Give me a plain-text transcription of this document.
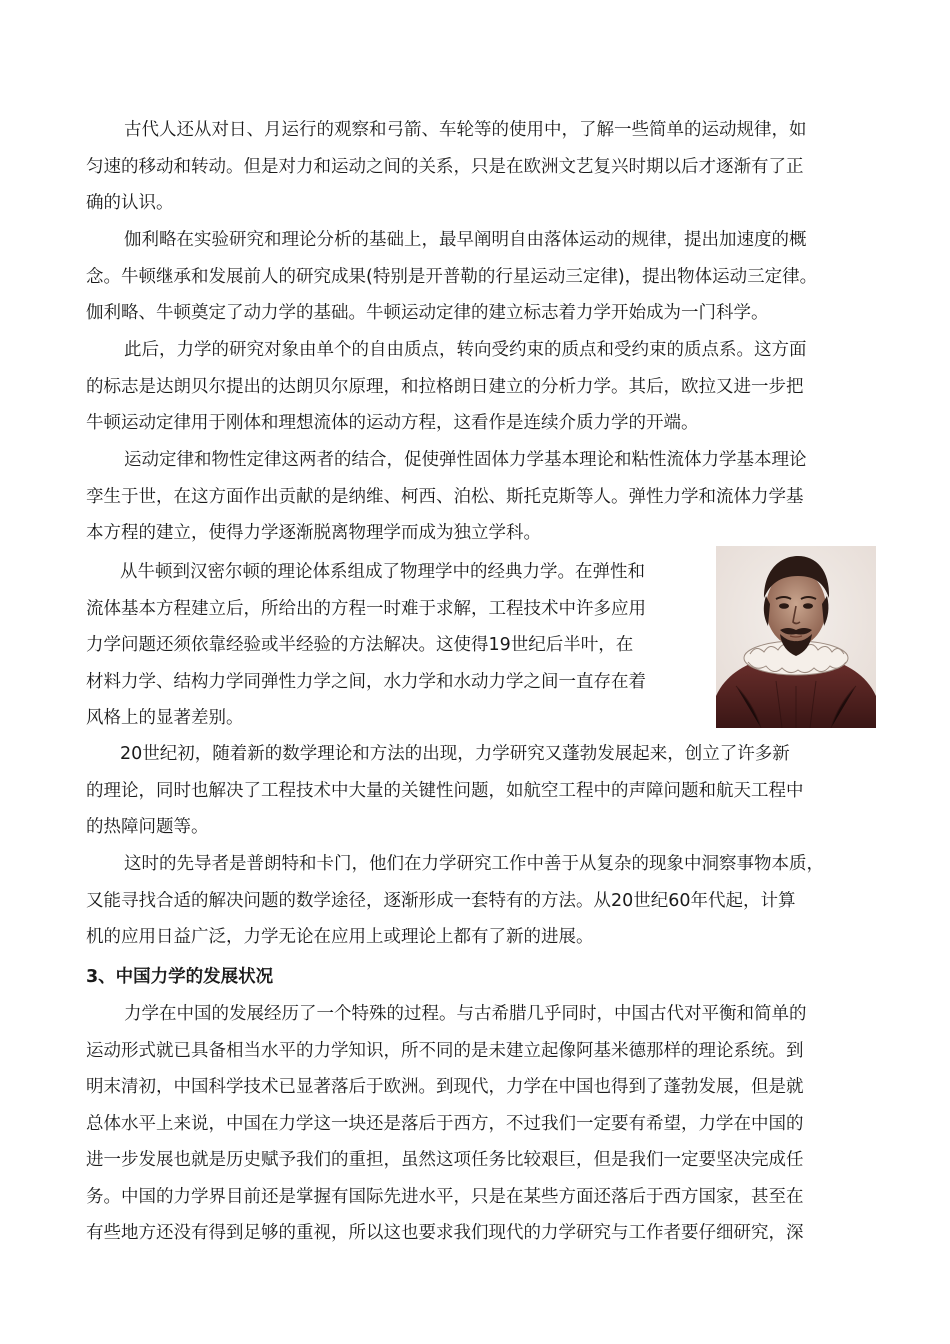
古代人还从对日、月运行的观察和弓箭、车轮等的使用中，了解一些简单的运动规律，如
匀速的移动和转动。但是对力和运动之间的关系，只是在欧洲文艺复兴时期以后才逐渐有了正
确的认识。
伽利略在实验研究和理论分析的基础上，最早阐明自由落体运动的规律，提出加速度的概
念。牛顿继承和发展前人的研究成果(特别是开普勒的行星运动三定律)，提出物体运动三定律。
伽利略、牛顿奠定了动力学的基础。牛顿运动定律的建立标志着力学开始成为一门科学。
此后，力学的研究对象由单个的自由质点，转向受约束的质点和受约束的质点系。这方面
的标志是达朗贝尔提出的达朗贝尔原理，和拉格朗日建立的分析力学。其后，欧拉又进一步把
牛顿运动定律用于刚体和理想流体的运动方程，这看作是连续介质力学的开端。
运动定律和物性定律这两者的结合，促使弹性固体力学基本理论和粘性流体力学基本理论
孪生于世，在这方面作出贡献的是纳维、柯西、泊松、斯托克斯等人。弹性力学和流体力学基
本方程的建立，使得力学逐渐脱离物理学而成为独立学科。
从牛顿到汉密尔顿的理论体系组成了物理学中的经典力学。在弹性和
流体基本方程建立后，所给出的方程一时难于求解，工程技术中许多应用
力学问题还须依靠经验或半经验的方法解决。这使得19世纪后半叶，在
材料力学、结构力学同弹性力学之间，水力学和水动力学之间一直存在着
风格上的显著差别。
20世纪初，随着新的数学理论和方法的出现，力学研究又蓬勃发展起来，创立了许多新
的理论，同时也解决了工程技术中大量的关键性问题，如航空工程中的声障问题和航天工程中
的热障问题等。
这时的先导者是普朗特和卡门，他们在力学研究工作中善于从复杂的现象中洞察事物本质，
又能寻找合适的解决问题的数学途径，逐渐形成一套特有的方法。从20世纪60年代起，计算
机的应用日益广泛，力学无论在应用上或理论上都有了新的进展。
3、中国力学的发展状况
力学在中国的发展经历了一个特殊的过程。与古希腊几乎同时，中国古代对平衡和简单的
运动形式就已具备相当水平的力学知识，所不同的是未建立起像阿基米德那样的理论系统。到
明末清初，中国科学技术已显著落后于欧洲。到现代，力学在中国也得到了蓬勃发展，但是就
总体水平上来说，中国在力学这一块还是落后于西方，不过我们一定要有希望，力学在中国的
进一步发展也就是历史赋予我们的重担，虽然这项任务比较艰巨，但是我们一定要坚决完成任
务。中国的力学界目前还是掌握有国际先进水平，只是在某些方面还落后于西方国家，甚至在
有些地方还没有得到足够的重视，所以这也要求我们现代的力学研究与工作者要仔细研究，深
